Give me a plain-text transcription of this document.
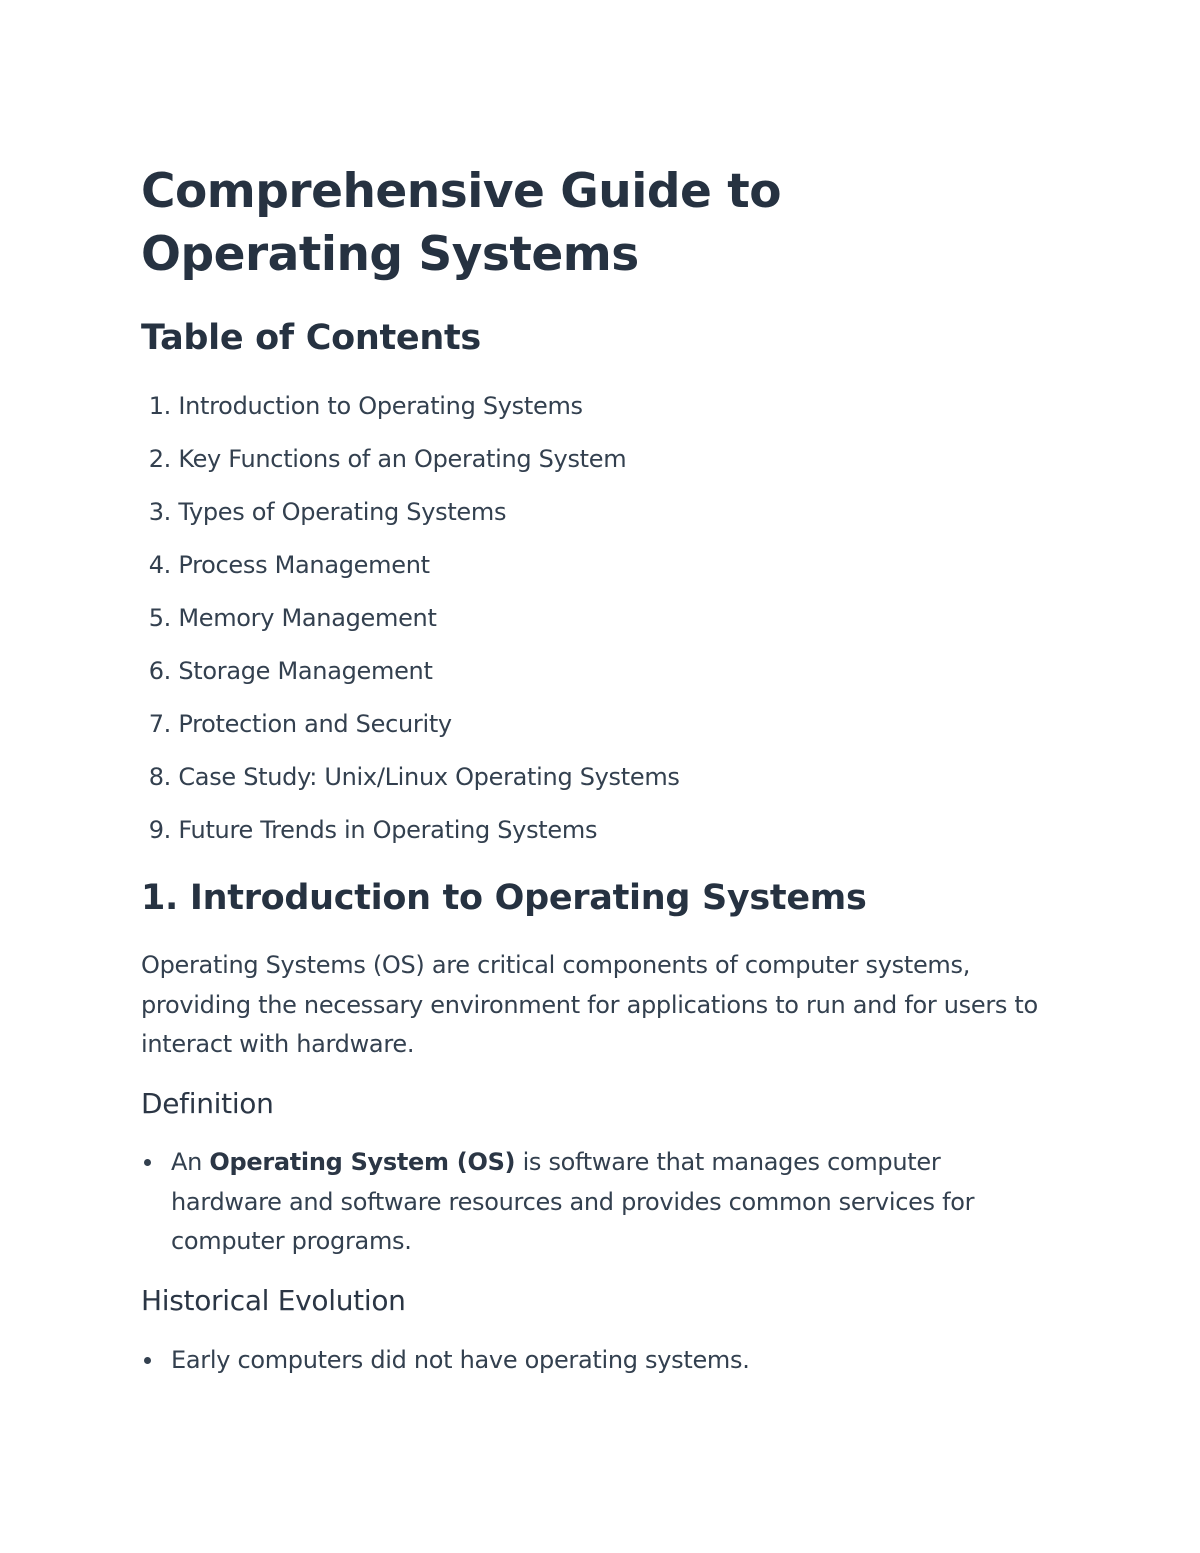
Comprehensive Guide to Operating Systems
Table of Contents
1. Introduction to Operating Systems
2. Key Functions of an Operating System
3. Types of Operating Systems
4. Process Management
5. Memory Management
6. Storage Management
7. Protection and Security
8. Case Study: Unix/Linux Operating Systems
9. Future Trends in Operating Systems
1. Introduction to Operating Systems

Operating Systems (OS) are critical components of computer systems, providing the necessary environment for applications to run and for users to interact with hardware.

Definition
An Operating System (OS) is software that manages computer hardware and software resources and provides common services for computer programs.
Historical Evolution
Early computers did not have operating systems.
